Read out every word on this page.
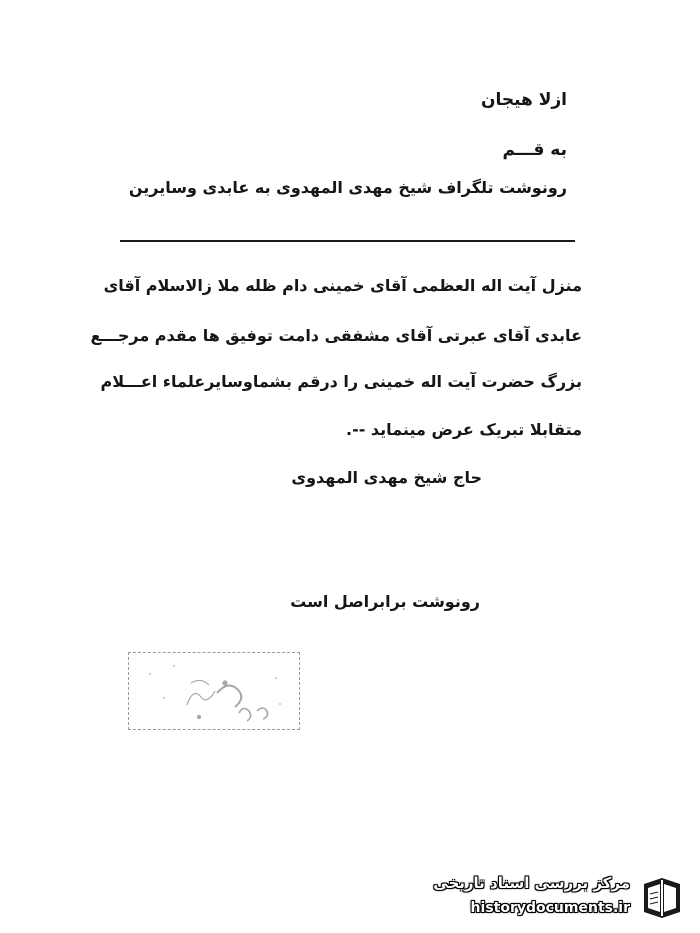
ازلا هیجان
به قـــم
رونوشت تلگراف شیخ مهدی المهدوی به عابدی وسایرین
منزل آیت اله العظمی آقای خمینی دام ظله ملا زالاسلام آقای
عابدی آقای عبرتی آقای مشفقی دامت توفیق ها مقدم مرجـــع
بزرگ حضرت آیت اله خمینی را درقم بشماوسایرعلماء اعـــلام
متقابلا تبریک عرض مینماید --.
حاج شیخ مهدی المهدوی
رونوشت برابراصل است
مرکز بررسی اسناد تاریخی
historydocuments.ir
